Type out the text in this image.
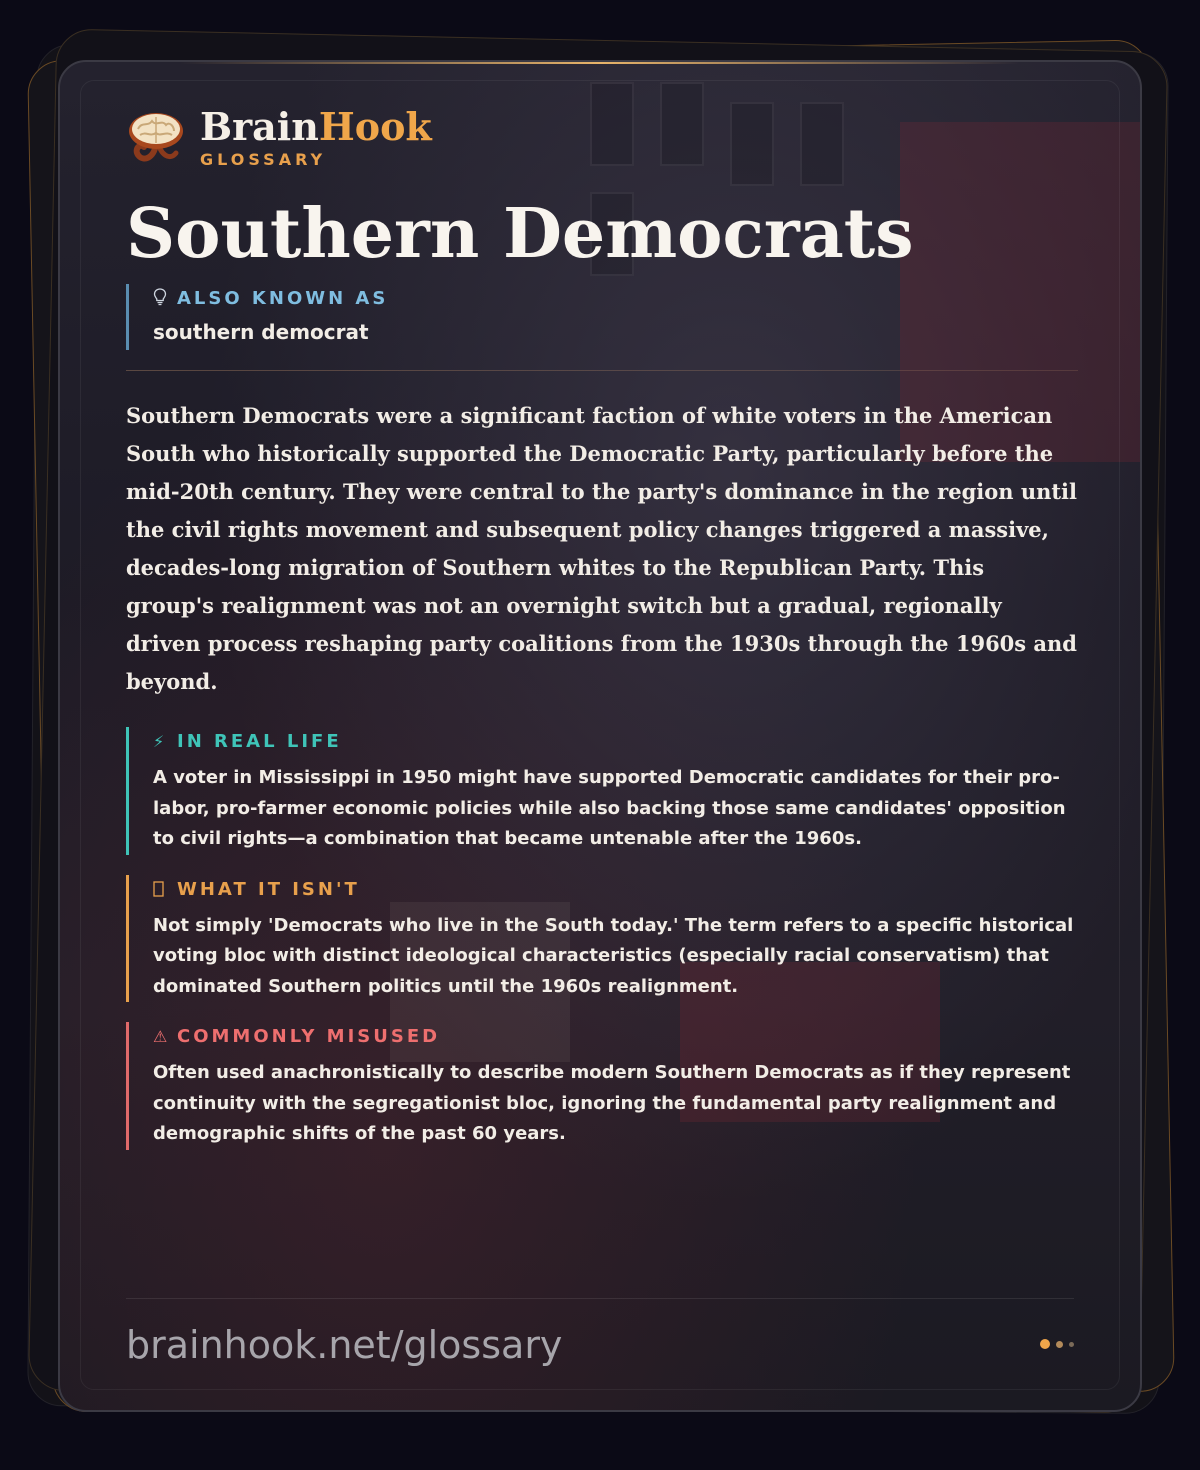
BrainHook
GLOSSARY
Southern Democrats
ALSO KNOWN AS
southern democrat

Southern Democrats were a significant faction of white voters in the American South who historically supported the Democratic Party, particularly before the mid-20th century. They were central to the party's dominance in the region until the civil rights movement and subsequent policy changes triggered a massive, decades-long migration of Southern whites to the Republican Party. This group's realignment was not an overnight switch but a gradual, regionally driven process reshaping party coalitions from the 1930s through the 1960s and beyond.

⚡ IN REAL LIFE
A voter in Mississippi in 1950 might have supported Democratic candidates for their pro-labor, pro-farmer economic policies while also backing those same candidates' opposition to civil rights—a combination that became untenable after the 1960s.
WHAT IT ISN'T
Not simply 'Democrats who live in the South today.' The term refers to a specific historical voting bloc with distinct ideological characteristics (especially racial conservatism) that dominated Southern politics until the 1960s realignment.
⚠ COMMONLY MISUSED
Often used anachronistically to describe modern Southern Democrats as if they represent continuity with the segregationist bloc, ignoring the fundamental party realignment and demographic shifts of the past 60 years.
brainhook.net/glossary
